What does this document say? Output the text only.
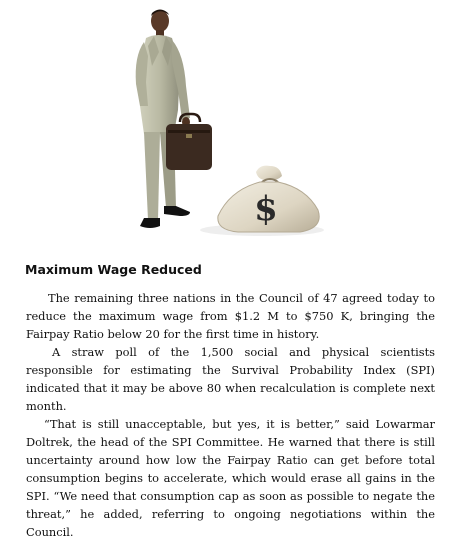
$
Maximum Wage Reduced

The remaining three nations in the Council of 47 agreed today to reduce the maximum wage from $1.2 M to $750 K, bringing the Fairpay Ratio below 20 for the first time in history.

A straw poll of the 1,500 social and physical scientists responsible for estimating the Survival Probability Index (SPI) indicated that it may be above 80 when recalculation is complete next month.

“That is still unacceptable, but yes, it is better,” said Lowarmar Doltrek, the head of the SPI Committee. He warned that there is still uncertainty around how low the Fairpay Ratio can get before total consumption begins to accelerate, which would erase all gains in the SPI. “We need that consumption cap as soon as possible to negate the threat,” he added, referring to ongoing negotiations within the Council.
